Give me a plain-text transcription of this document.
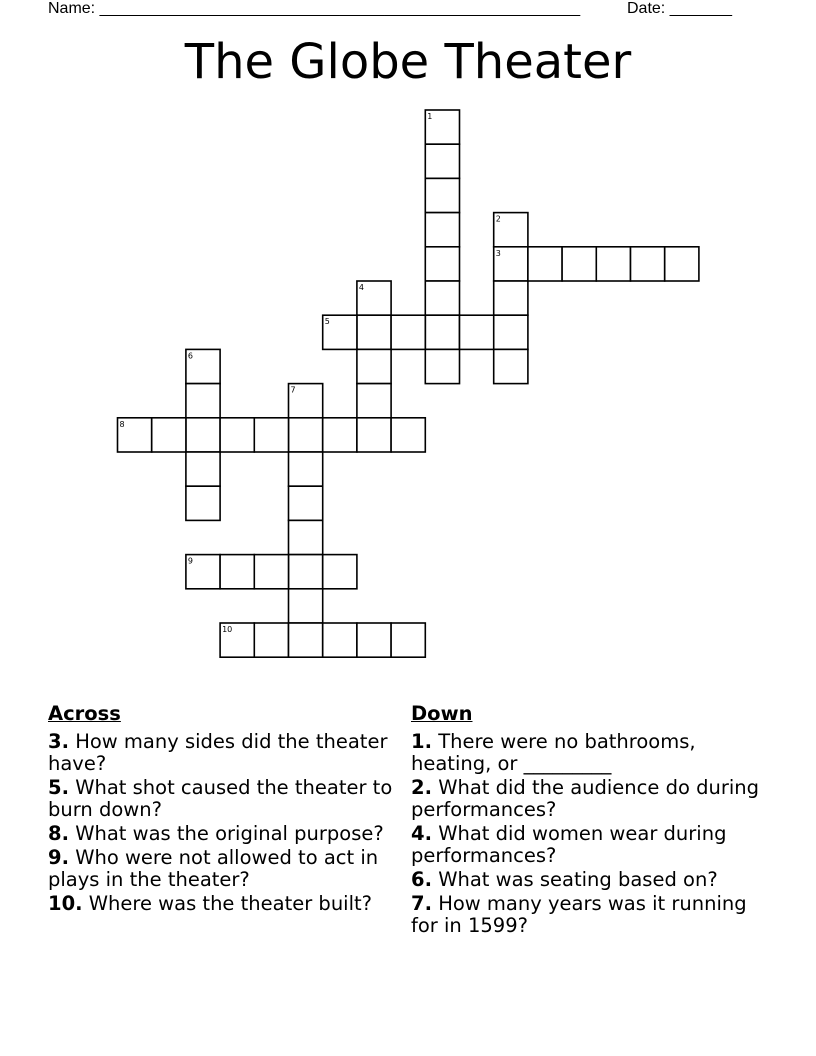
Name: ______________________________________________________	Date: _______
The Globe Theater
1
2
3
4
5
6
7
8
9
10
Across
3. How many sides did the theater have?
5. What shot caused the theater to burn down?
8. What was the original purpose?
9. Who were not allowed to act in plays in the theater?
10. Where was the theater built?
Down
1. There were no bathrooms, heating, or _________
2. What did the audience do during performances?
4. What did women wear during performances?
6. What was seating based on?
7. How many years was it running for in 1599?
